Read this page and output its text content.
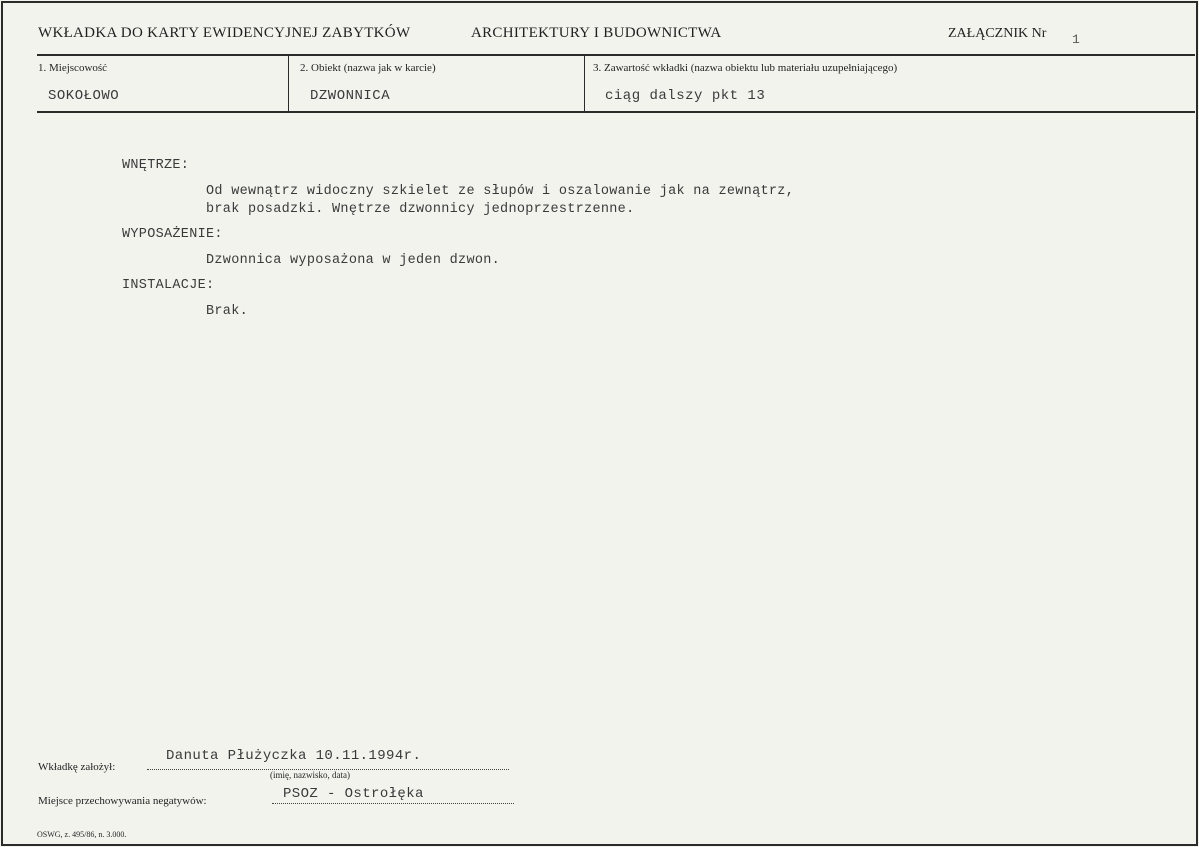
WKŁADKA DO KARTY EWIDENCYJNEJ ZABYTKÓW	ARCHITEKTURY I BUDOWNICTWA	ZAŁĄCZNIK Nr 1
1. Miejscowość
SOKOŁOWO
2. Obiekt (nazwa jak w karcie)
DZWONNICA
3. Zawartość wkładki (nazwa obiektu lub materiału uzupełniającego)
ciąg dalszy pkt 13
WNĘTRZE:
Od wewnątrz widoczny szkielet ze słupów i oszalowanie jak na zewnątrz,
brak posadzki. Wnętrze dzwonnicy jednoprzestrzenne.
WYPOSAŻENIE:
Dzwonnica wyposażona w jeden dzwon.
INSTALACJE:
Brak.
Wkładkę założył:
Danuta Płużyczka 10.11.1994r.
(imię, nazwisko, data)
Miejsce przechowywania negatywów:	PSOZ - Ostrołęka
OSWG, z. 495/86, n. 3.000.
